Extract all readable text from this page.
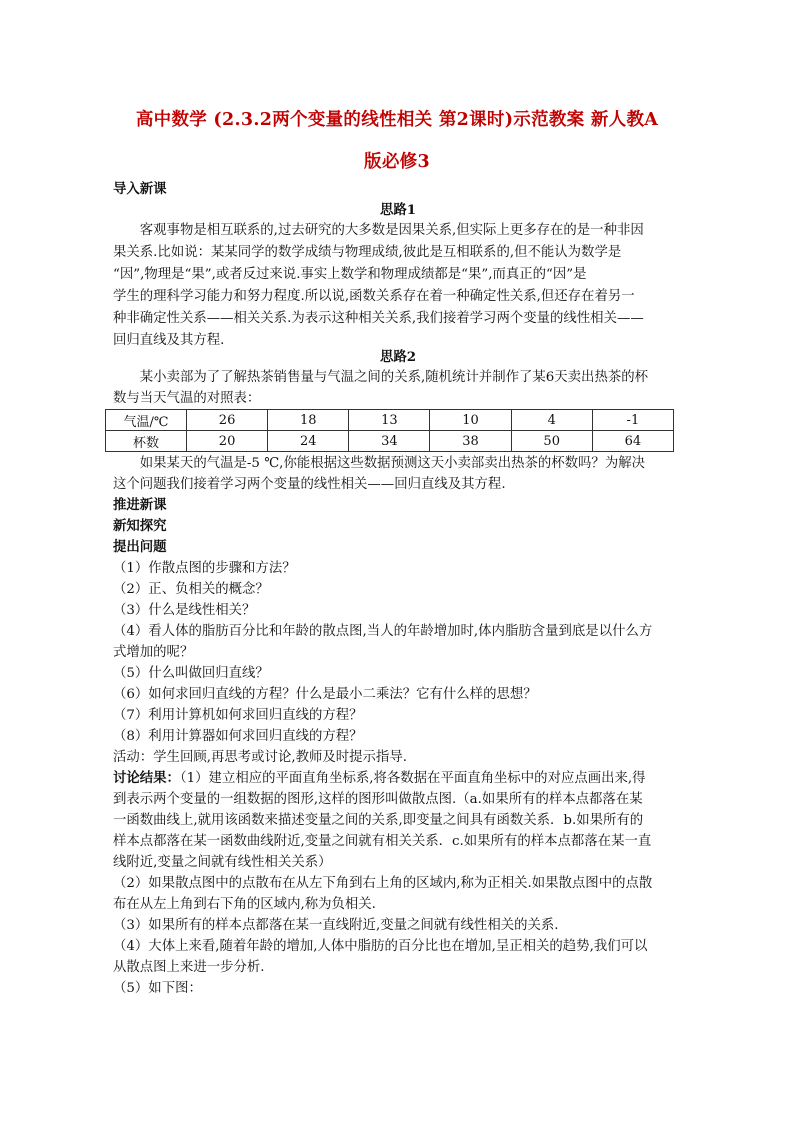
高中数学 (2.3.2两个变量的线性相关 第2课时)示范教案 新人教A
版必修3
导入新课
思路1
　　客观事物是相互联系的,过去研究的大多数是因果关系,但实际上更多存在的是一种非因
果关系.比如说：某某同学的数学成绩与物理成绩,彼此是互相联系的,但不能认为数学是
“因”,物理是“果”,或者反过来说.事实上数学和物理成绩都是“果”,而真正的“因”是
学生的理科学习能力和努力程度.所以说,函数关系存在着一种确定性关系,但还存在着另一
种非确定性关系——相关关系.为表示这种相关关系,我们接着学习两个变量的线性相关——
回归直线及其方程.
思路2
　　某小卖部为了了解热茶销售量与气温之间的关系,随机统计并制作了某6天卖出热茶的杯
数与当天气温的对照表：
气温/℃	26	18	13	10	4	-1
杯数	20	24	34	38	50	64
　　如果某天的气温是-5 ℃,你能根据这些数据预测这天小卖部卖出热茶的杯数吗？为解决
这个问题我们接着学习两个变量的线性相关——回归直线及其方程.
推进新课
新知探究
提出问题
（1）作散点图的步骤和方法？
（2）正、负相关的概念？
（3）什么是线性相关？
（4）看人体的脂肪百分比和年龄的散点图,当人的年龄增加时,体内脂肪含量到底是以什么方
式增加的呢？
（5）什么叫做回归直线？
（6）如何求回归直线的方程？什么是最小二乘法？它有什么样的思想？
（7）利用计算机如何求回归直线的方程？
（8）利用计算器如何求回归直线的方程？
活动：学生回顾,再思考或讨论,教师及时提示指导.
讨论结果：（1）建立相应的平面直角坐标系,将各数据在平面直角坐标中的对应点画出来,得
到表示两个变量的一组数据的图形,这样的图形叫做散点图.（a.如果所有的样本点都落在某
一函数曲线上,就用该函数来描述变量之间的关系,即变量之间具有函数关系．b.如果所有的
样本点都落在某一函数曲线附近,变量之间就有相关关系．c.如果所有的样本点都落在某一直
线附近,变量之间就有线性相关关系）
（2）如果散点图中的点散布在从左下角到右上角的区域内,称为正相关.如果散点图中的点散
布在从左上角到右下角的区域内,称为负相关.
（3）如果所有的样本点都落在某一直线附近,变量之间就有线性相关的关系.
（4）大体上来看,随着年龄的增加,人体中脂肪的百分比也在增加,呈正相关的趋势,我们可以
从散点图上来进一步分析.
（5）如下图：
